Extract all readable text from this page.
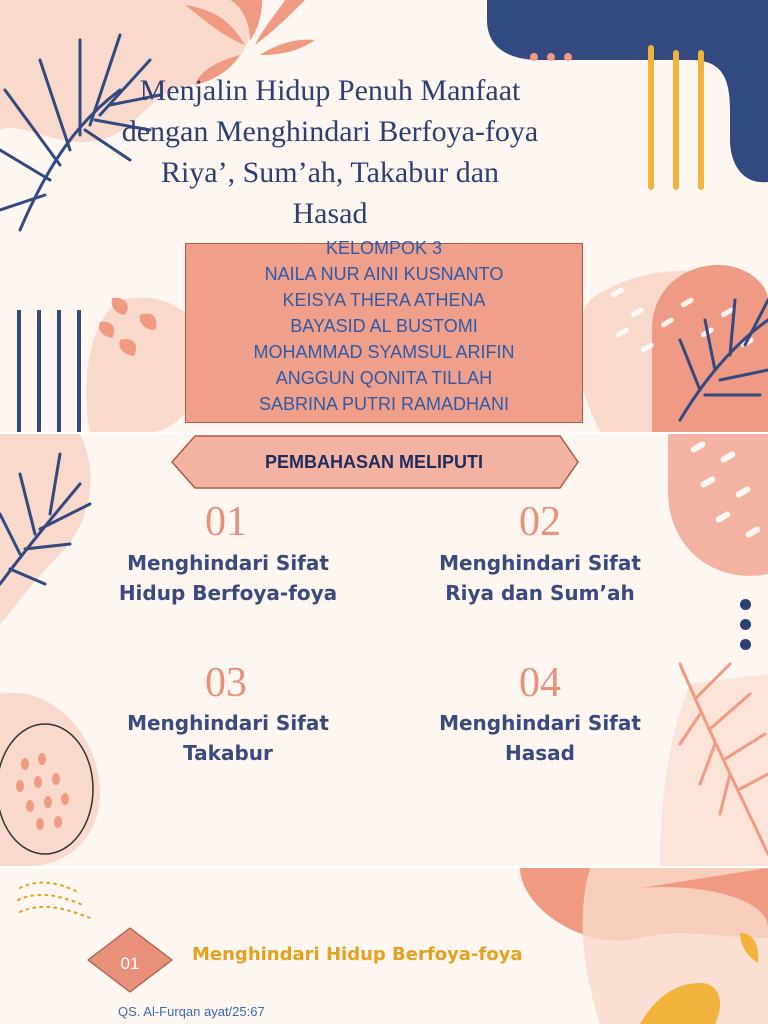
Menjalin Hidup Penuh Manfaat
dengan Menghindari Berfoya-foya
Riya’, Sum’ah, Takabur dan
Hasad
KELOMPOK 3
NAILA NUR AINI KUSNANTO
KEISYA THERA ATHENA
BAYASID AL BUSTOMI
MOHAMMAD SYAMSUL ARIFIN
ANGGUN QONITA TILLAH
SABRINA PUTRI RAMADHANI
PEMBAHASAN MELIPUTI
01
Menghindari Sifat
Hidup Berfoya-foya
02
Menghindari Sifat
Riya dan Sum’ah
03
Menghindari Sifat
Takabur
04
Menghindari Sifat
Hasad
01	Menghindari Hidup Berfoya-foya
QS. Al-Furqan ayat/25:67
